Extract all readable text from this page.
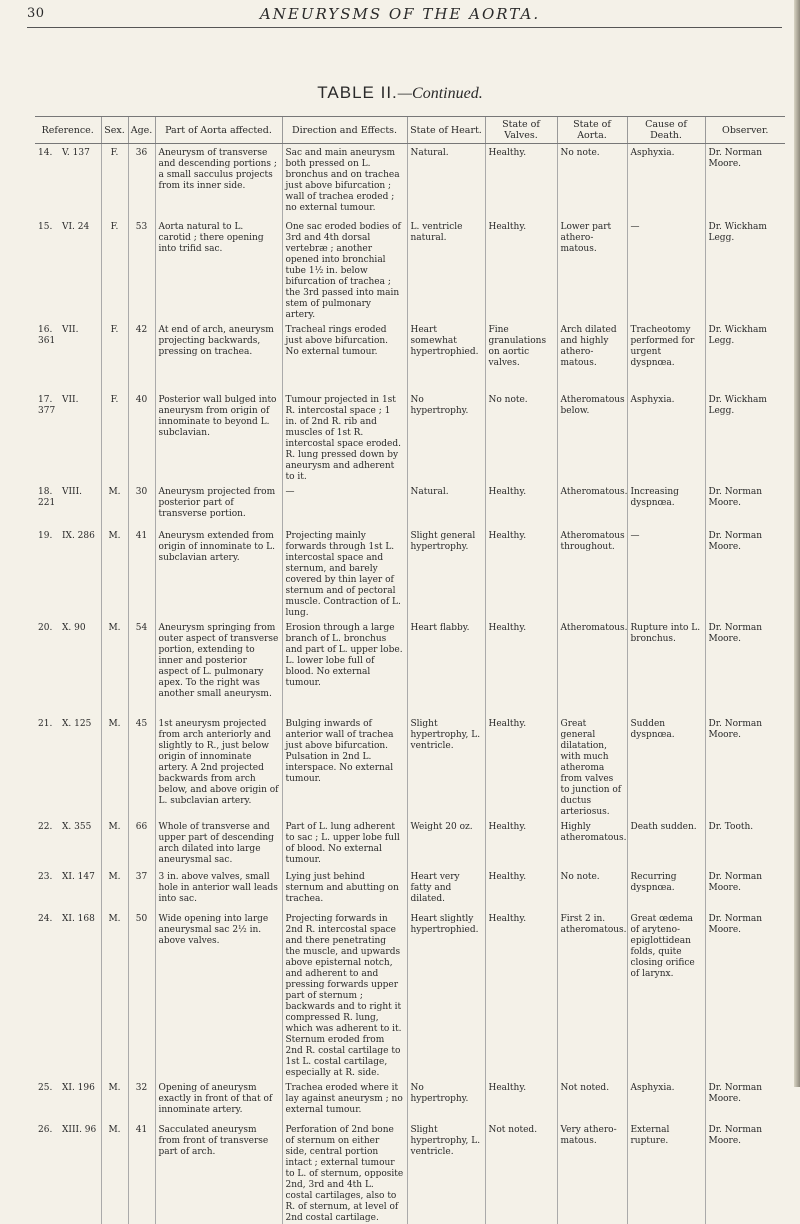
30	ANEURYSMS OF THE AORTA.
TABLE II.—Continued.
Reference.	Sex.	Age.	Part of Aorta affected.	Direction and Effects.	State of Heart.	State of Valves.	State of Aorta.	Cause of Death.	Observer.
14. V. 137	F.	36	Aneurysm of transverse and descending portions ; a small sacculus projects from its inner side.	Sac and main aneurysm both pressed on L. bronchus and on trachea just above bifurcation ; wall of trachea eroded ; no external tumour.	Natural.	Healthy.	No note.	Asphyxia.	Dr. Norman Moore.
15. VI. 24	F.	53	Aorta natural to L. carotid ; there opening into trifid sac.	One sac eroded bodies of 3rd and 4th dorsal vertebræ ; another opened into bronchial tube 1½ in. below bifurcation of trachea ; the 3rd passed into main stem of pulmonary artery.	L. ventricle natural.	Healthy.	Lower part athero-matous.	—	Dr. Wickham Legg.
16. VII. 361	F.	42	At end of arch, aneurysm projecting backwards, pressing on trachea.	Tracheal rings eroded just above bifurcation. No external tumour.	Heart somewhat hypertrophied.	Fine granulations on aortic valves.	Arch dilated and highly athero-matous.	Tracheotomy performed for urgent dyspnœa.	Dr. Wickham Legg.
17. VII. 377	F.	40	Posterior wall bulged into aneurysm from origin of innominate to beyond L. subclavian.	Tumour projected in 1st R. intercostal space ; 1 in. of 2nd R. rib and muscles of 1st R. intercostal space eroded. R. lung pressed down by aneurysm and adherent to it.	No hypertrophy.	No note.	Atheromatous below.	Asphyxia.	Dr. Wickham Legg.
18. VIII. 221	M.	30	Aneurysm projected from posterior part of transverse portion.	—	Natural.	Healthy.	Atheromatous.	Increasing dyspnœa.	Dr. Norman Moore.
19. IX. 286	M.	41	Aneurysm extended from origin of innominate to L. subclavian artery.	Projecting mainly forwards through 1st L. intercostal space and sternum, and barely covered by thin layer of sternum and of pectoral muscle. Contraction of L. lung.	Slight general hypertrophy.	Healthy.	Atheromatous throughout.	—	Dr. Norman Moore.
20. X. 90	M.	54	Aneurysm springing from outer aspect of transverse portion, extending to inner and posterior aspect of L. pulmonary apex. To the right was another small aneurysm.	Erosion through a large branch of L. bronchus and part of L. upper lobe. L. lower lobe full of blood. No external tumour.	Heart flabby.	Healthy.	Atheromatous.	Rupture into L. bronchus.	Dr. Norman Moore.
21. X. 125	M.	45	1st aneurysm projected from arch anteriorly and slightly to R., just below origin of innominate artery. A 2nd projected backwards from arch below, and above origin of L. subclavian artery.	Bulging inwards of anterior wall of trachea just above bifurcation. Pulsation in 2nd L. interspace. No external tumour.	Slight hypertrophy, L. ventricle.	Healthy.	Great general dilatation, with much atheroma from valves to junction of ductus arteriosus.	Sudden dyspnœa.	Dr. Norman Moore.
22. X. 355	M.	66	Whole of transverse and upper part of descending arch dilated into large aneurysmal sac.	Part of L. lung adherent to sac ; L. upper lobe full of blood. No external tumour.	Weight 20 oz.	Healthy.	Highly atheromatous.	Death sudden.	Dr. Tooth.
23. XI. 147	M.	37	3 in. above valves, small hole in anterior wall leads into sac.	Lying just behind sternum and abutting on trachea.	Heart very fatty and dilated.	Healthy.	No note.	Recurring dyspnœa.	Dr. Norman Moore.
24. XI. 168	M.	50	Wide opening into large aneurysmal sac 2½ in. above valves.	Projecting forwards in 2nd R. intercostal space and there penetrating the muscle, and upwards above episternal notch, and adherent to and pressing forwards upper part of sternum ; backwards and to right it compressed R. lung, which was adherent to it. Sternum eroded from 2nd R. costal cartilage to 1st L. costal cartilage, especially at R. side.	Heart slightly hypertrophied.	Healthy.	First 2 in. atheromatous.	Great œdema of aryteno-epiglottidean folds, quite closing orifice of larynx.	Dr. Norman Moore.
25. XI. 196	M.	32	Opening of aneurysm exactly in front of that of innominate artery.	Trachea eroded where it lay against aneurysm ; no external tumour.	No hypertrophy.	Healthy.	Not noted.	Asphyxia.	Dr. Norman Moore.
26. XIII. 96	M.	41	Sacculated aneurysm from front of transverse part of arch.	Perforation of 2nd bone of sternum on either side, central portion intact ; external tumour to L. of sternum, opposite 2nd, 3rd and 4th L. costal cartilages, also to R. of sternum, at level of 2nd costal cartilage.	Slight hypertrophy, L. ventricle.	Not noted.	Very athero-matous.	External rupture.	Dr. Norman Moore.
